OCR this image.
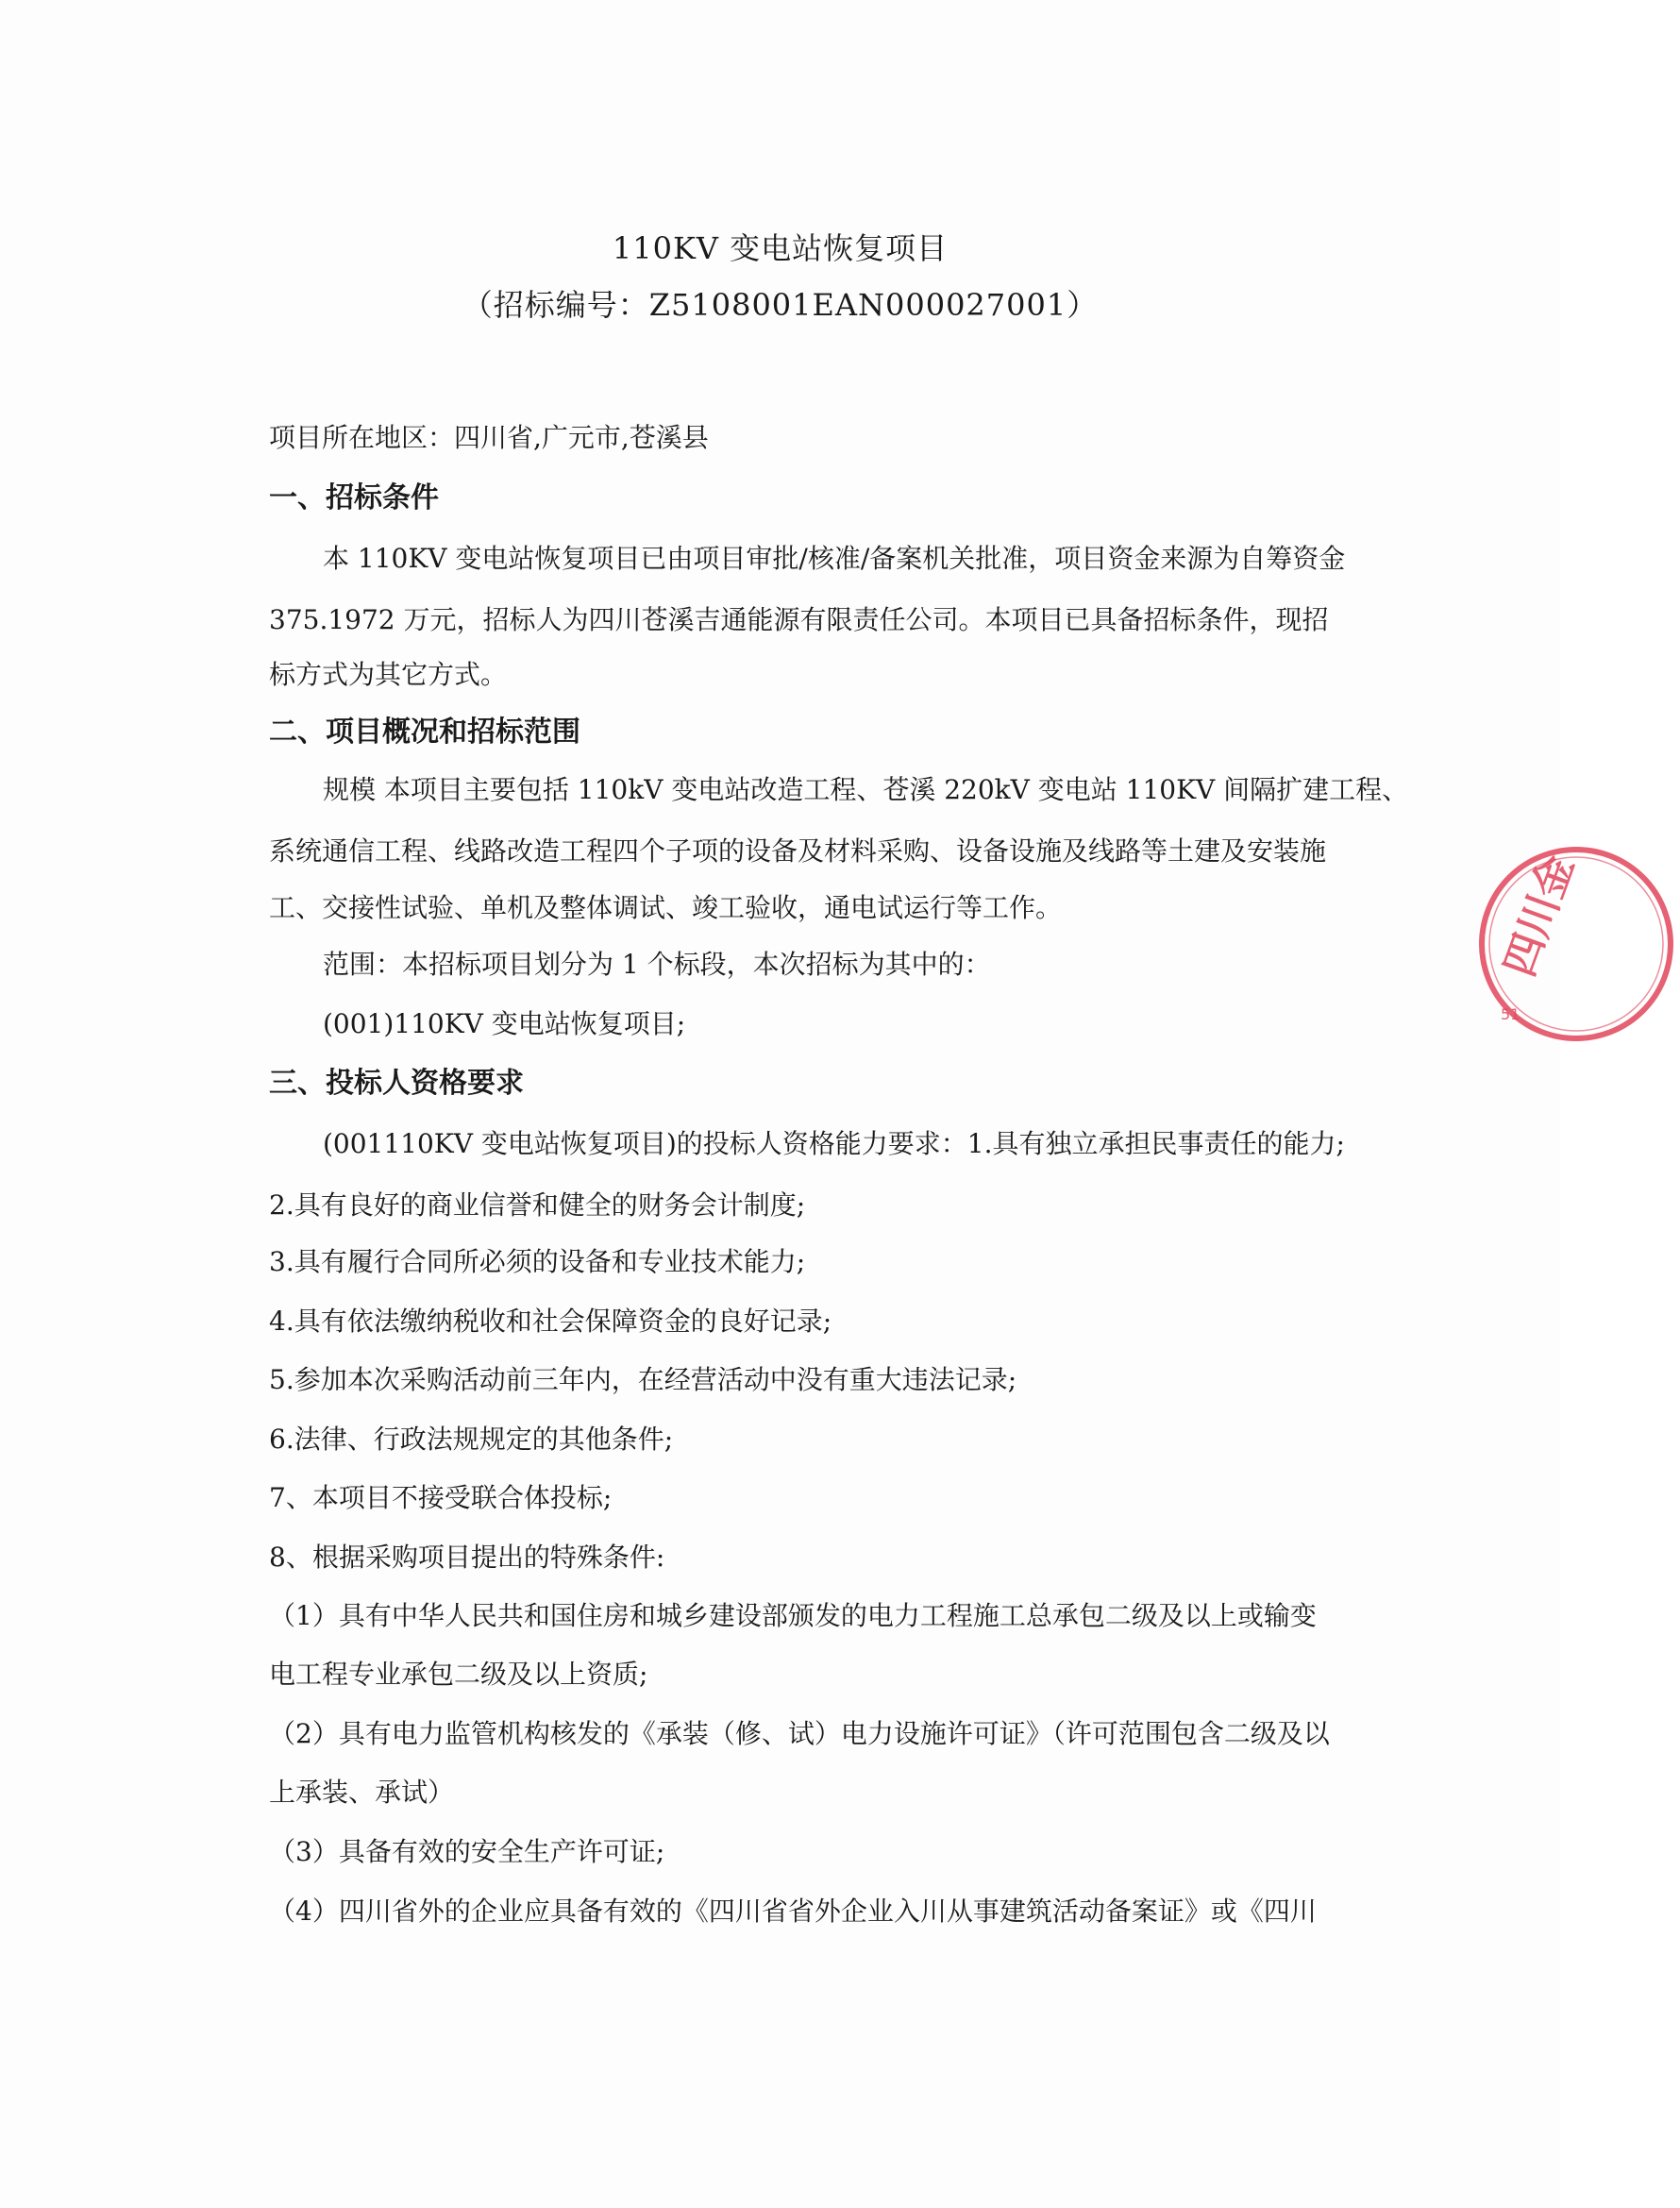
110KV 变电站恢复项目
（招标编号：Z5108001EAN000027001）
项目所在地区：四川省,广元市,苍溪县
一、招标条件
本 110KV 变电站恢复项目已由项目审批/核准/备案机关批准，项目资金来源为自筹资金
375.1972 万元，招标人为四川苍溪吉通能源有限责任公司。本项目已具备招标条件，现招
标方式为其它方式。
二、项目概况和招标范围
规模 本项目主要包括 110kV 变电站改造工程、苍溪 220kV 变电站 110KV 间隔扩建工程、
系统通信工程、线路改造工程四个子项的设备及材料采购、设备设施及线路等土建及安装施
工、交接性试验、单机及整体调试、竣工验收，通电试运行等工作。
范围：本招标项目划分为 1 个标段，本次招标为其中的：
(001)110KV 变电站恢复项目;
三、投标人资格要求
(001110KV 变电站恢复项目)的投标人资格能力要求：1.具有独立承担民事责任的能力;
2.具有良好的商业信誉和健全的财务会计制度;
3.具有履行合同所必须的设备和专业技术能力;
4.具有依法缴纳税收和社会保障资金的良好记录;
5.参加本次采购活动前三年内，在经营活动中没有重大违法记录;
6.法律、行政法规规定的其他条件;
7、本项目不接受联合体投标;
8、根据采购项目提出的特殊条件:
（1）具有中华人民共和国住房和城乡建设部颁发的电力工程施工总承包二级及以上或输变
电工程专业承包二级及以上资质;
（2）具有电力监管机构核发的《承装（修、试）电力设施许可证》（许可范围包含二级及以
上承装、承试）
（3）具备有效的安全生产许可证;
（4）四川省外的企业应具备有效的《四川省省外企业入川从事建筑活动备案证》或《四川
四川金
51
